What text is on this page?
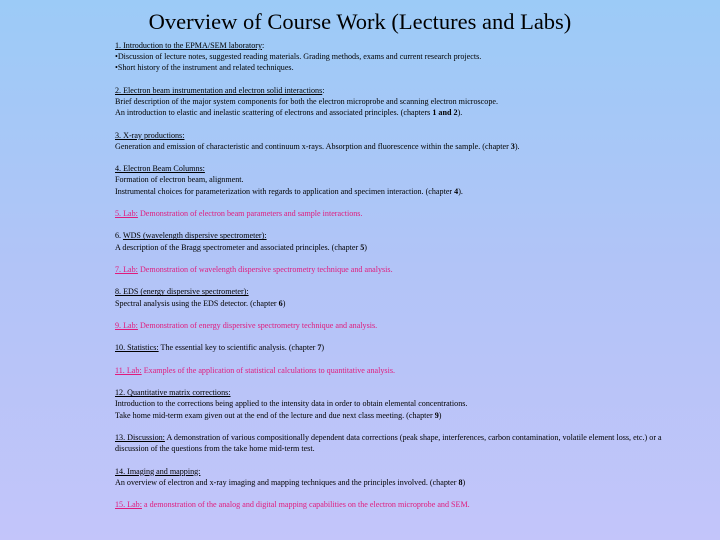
Overview of Course Work (Lectures and Labs)
1. Introduction to the EPMA/SEM laboratory:
•Discussion of lecture notes, suggested reading materials. Grading methods, exams and current research projects.
•Short history of the instrument and related techniques.
2. Electron beam instrumentation and electron solid interactions:
Brief description of the major system components for both the electron microprobe and scanning electron microscope.
An introduction to elastic and inelastic scattering of electrons and associated principles. (chapters 1 and 2).
3. X-ray productions:
Generation and emission of characteristic and continuum x-rays. Absorption and fluorescence within the sample. (chapter 3).
4. Electron Beam Columns:
Formation of electron beam, alignment.
Instrumental choices for parameterization with regards to application and specimen interaction. (chapter 4).
5. Lab: Demonstration of electron beam parameters and sample interactions.
6. WDS (wavelength dispersive spectrometer):
A description of the Bragg spectrometer and associated principles. (chapter 5)
7. Lab: Demonstration of wavelength dispersive spectrometry technique and analysis.
8. EDS (energy dispersive spectrometer):
Spectral analysis using the EDS detector. (chapter 6)
9. Lab: Demonstration of energy dispersive spectrometry technique and analysis.
10. Statistics: The essential key to scientific analysis. (chapter 7)
11. Lab: Examples of the application of statistical calculations to quantitative analysis.
12. Quantitative matrix corrections:
Introduction to the corrections being applied to the intensity data in order to obtain elemental concentrations.
Take home mid-term exam given out at the end of the lecture and due next class meeting. (chapter 9)
13. Discussion: A demonstration of various compositionally dependent data corrections (peak shape, interferences, carbon contamination, volatile element loss, etc.) or a discussion of the questions from the take home mid-term test.
14. Imaging and mapping:
An overview of electron and x-ray imaging and mapping techniques and the principles involved. (chapter 8)
15. Lab: a demonstration of the analog and digital mapping capabilities on the electron microprobe and SEM.
